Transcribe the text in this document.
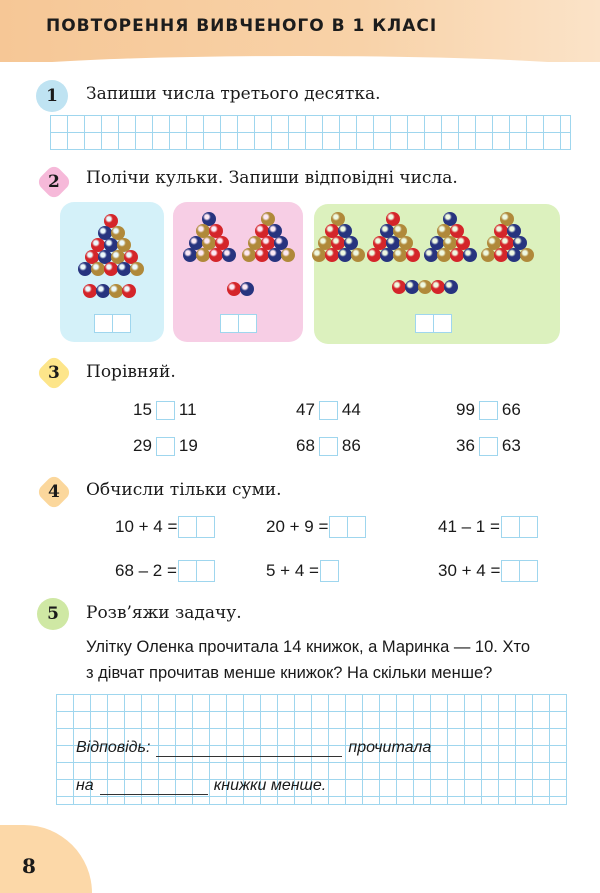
ПОВТОРЕННЯ ВИВЧЕНОГО В 1 КЛАСІ
1 Запиши числа третього десятка.
2 Полічи кульки. Запиши відповідні числа.
3 Порівняй.
15 11	47 44	99 66
29 19	68 86	36 63
4 Обчисли тільки суми.
10 + 4 =	20 + 9 =	41 – 1 =
68 – 2 =	5 + 4 =	30 + 4 =
5 Розв’яжи задачу.
Улітку Оленка прочитала 14 книжок, а Маринка — 10. Хто
з дівчат прочитав менше книжок? На скільки менше?
Відповідь:	прочитала
на	книжки менше.
8
